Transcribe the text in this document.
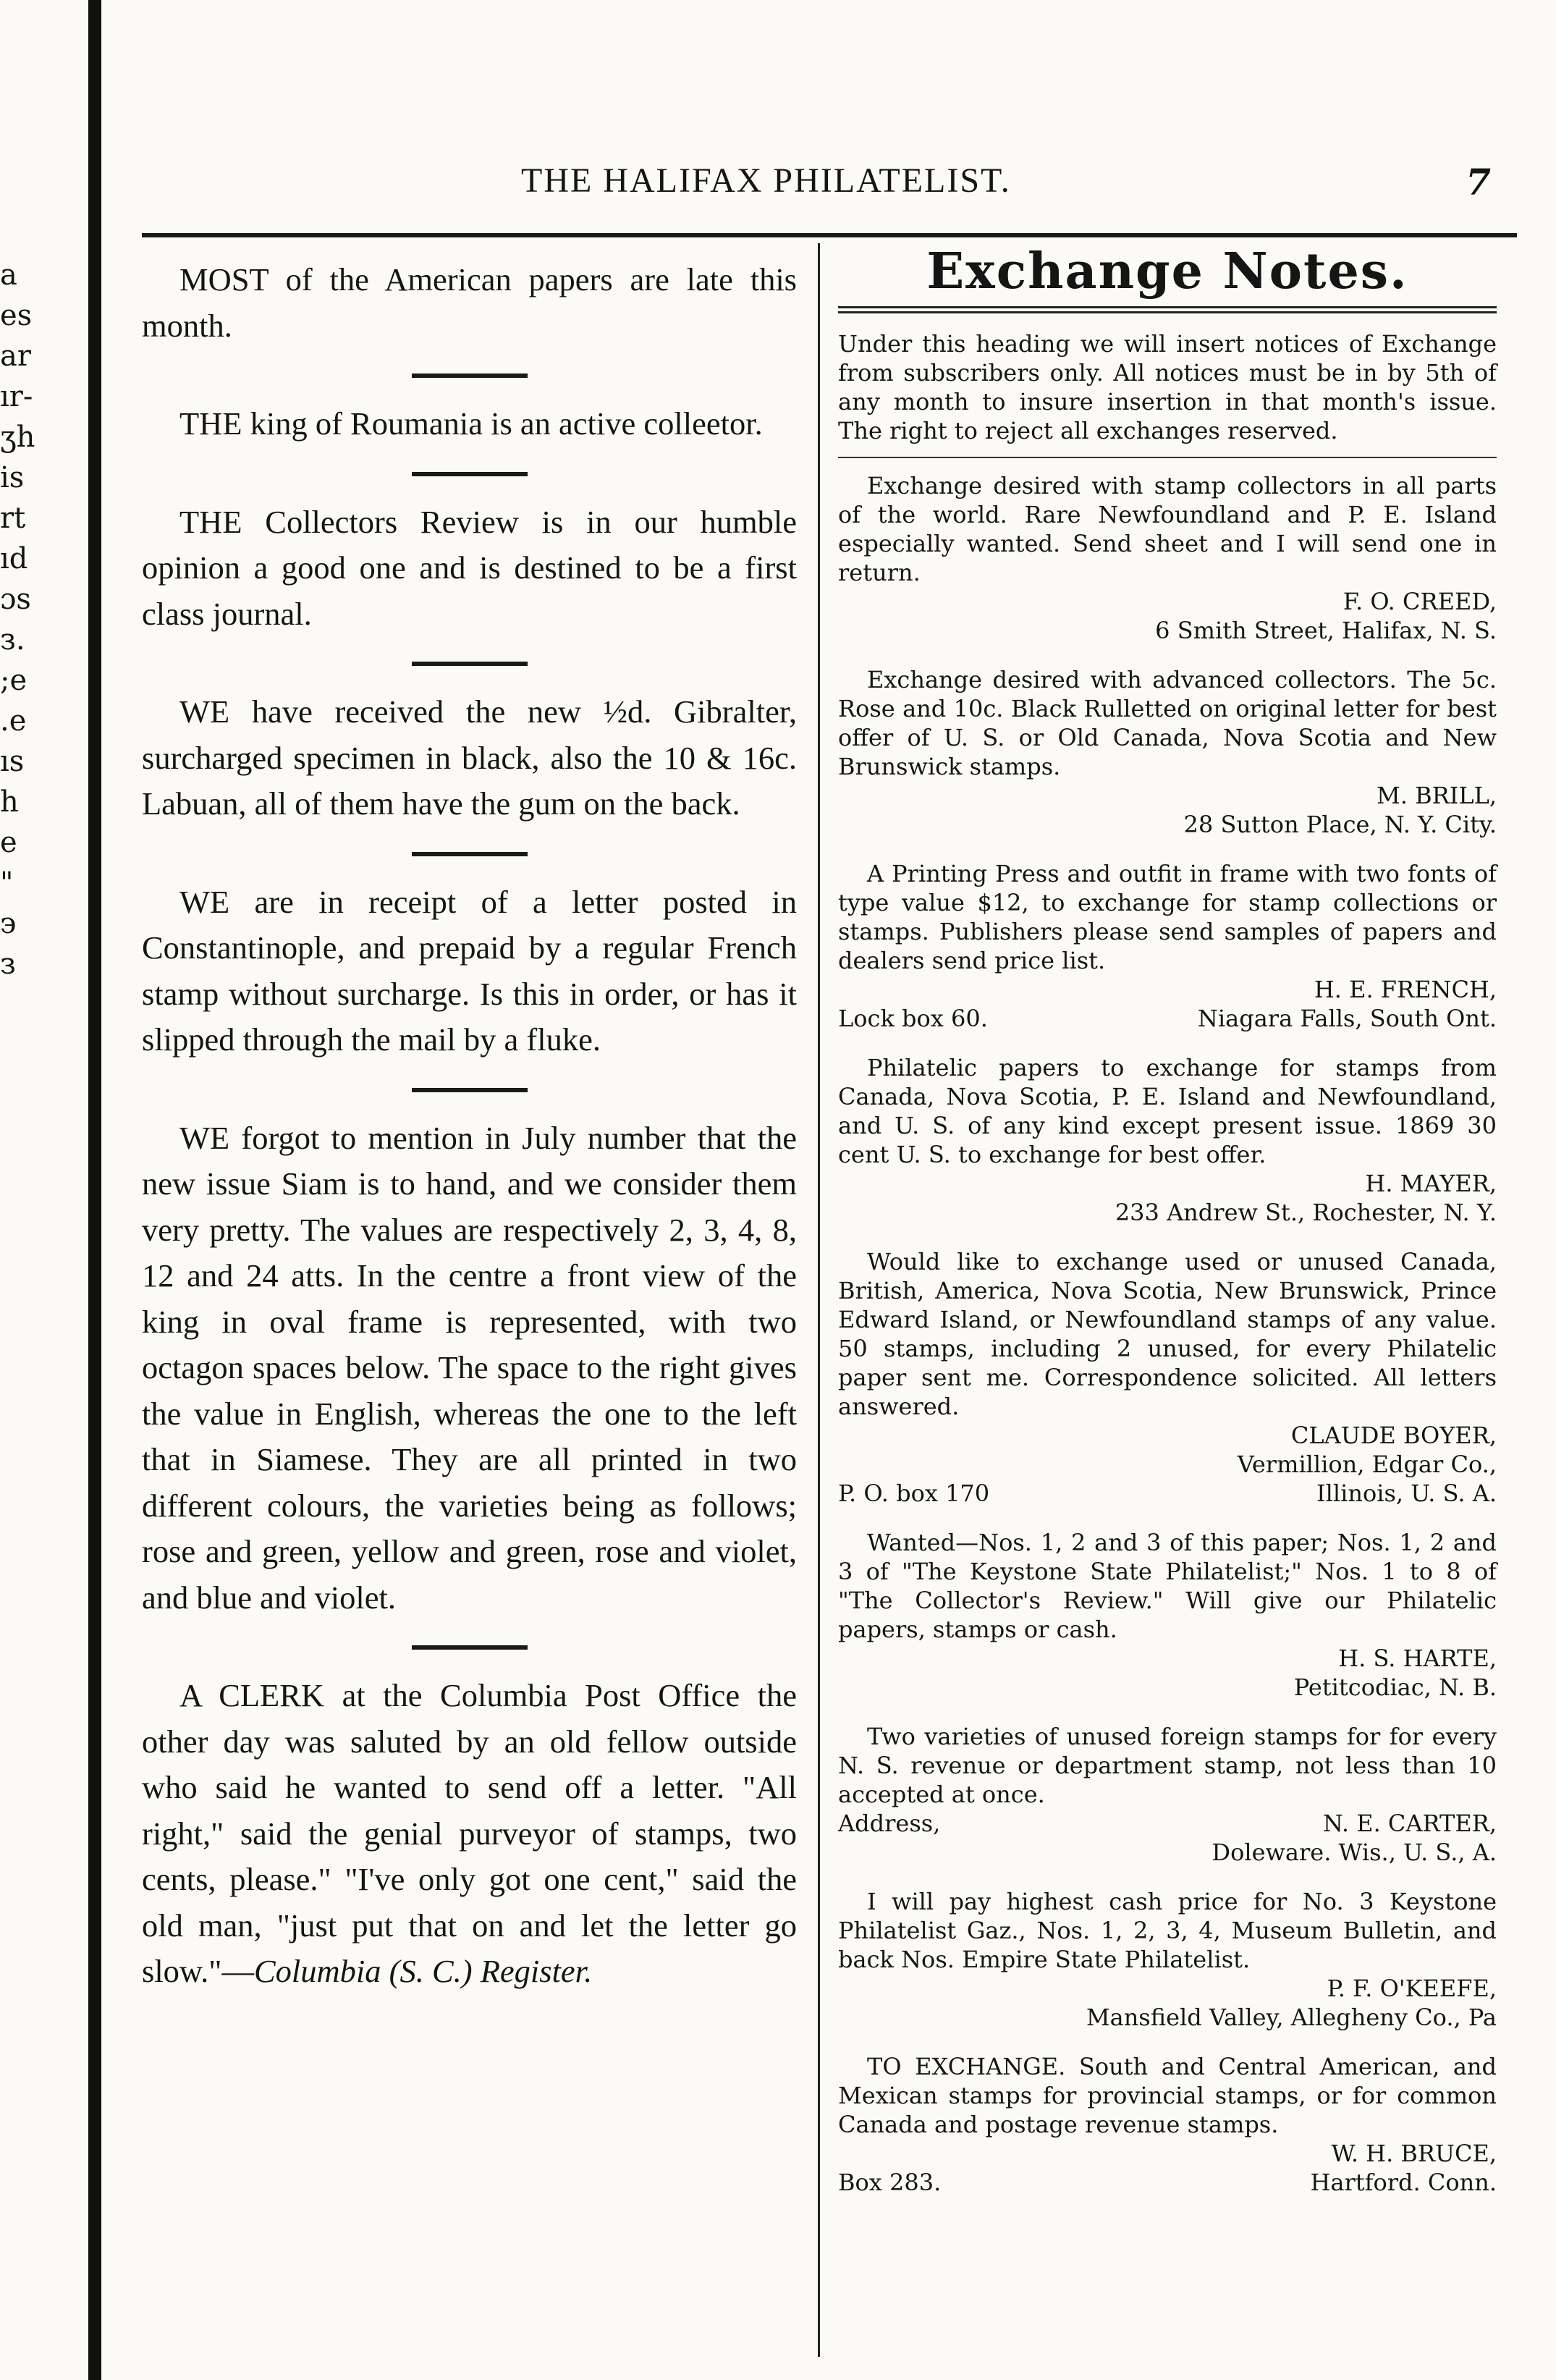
a
es
ar
ır-
ʒh
is
rt
ıd
ɔs
з.
;e
.e
ıs
h
e
"
э
з
THE HALIFAX PHILATELIST.	7

MOST of the American papers are late this month.

THE king of Roumania is an active colleetor.

THE Collectors Review is in our humble opinion a good one and is destined to be a first class journal.

WE have received the new ½d. Gibralter, surcharged specimen in black, also the 10 & 16c. Labuan, all of them have the gum on the back.

WE are in receipt of a letter posted in Constantinople, and prepaid by a regular French stamp without surcharge. Is this in order, or has it slipped through the mail by a fluke.

WE forgot to mention in July number that the new issue Siam is to hand, and we consider them very pretty. The values are respectively 2, 3, 4, 8, 12 and 24 atts. In the centre a front view of the king in oval frame is represented, with two octagon spaces below. The space to the right gives the value in English, whereas the one to the left that in Siamese. They are all printed in two different colours, the varieties being as follows; rose and green, yellow and green, rose and violet, and blue and violet.

A CLERK at the Columbia Post Office the other day was saluted by an old fellow outside who said he wanted to send off a letter. "All right," said the genial purveyor of stamps, two cents, please." "I've only got one cent," said the old man, "just put that on and let the letter go slow."—Columbia (S. C.) Register.

Exchange Notes.

Under this heading we will insert notices of Exchange from subscribers only. All notices must be in by 5th of any month to insure insertion in that month's issue. The right to reject all exchanges reserved.

Exchange desired with stamp collectors in all parts of the world. Rare Newfoundland and P. E. Island especially wanted. Send sheet and I will send one in return.

F. O. CREED,
6 Smith Street, Halifax, N. S.

Exchange desired with advanced collectors. The 5c. Rose and 10c. Black Rulletted on original letter for best offer of U. S. or Old Canada, Nova Scotia and New Brunswick stamps.

M. BRILL,
28 Sutton Place, N. Y. City.

A Printing Press and outfit in frame with two fonts of type value $12, to exchange for stamp collections or stamps. Publishers please send samples of papers and dealers send price list.

H. E. FRENCH,
Lock box 60.	Niagara Falls, South Ont.

Philatelic papers to exchange for stamps from Canada, Nova Scotia, P. E. Island and Newfoundland, and U. S. of any kind except present issue. 1869 30 cent U. S. to exchange for best offer.

H. MAYER,
233 Andrew St., Rochester, N. Y.

Would like to exchange used or unused Canada, British, America, Nova Scotia, New Brunswick, Prince Edward Island, or Newfoundland stamps of any value. 50 stamps, including 2 unused, for every Philatelic paper sent me. Correspondence solicited. All letters answered.

CLAUDE BOYER,
Vermillion, Edgar Co.,
P. O. box 170	Illinois, U. S. A.

Wanted—Nos. 1, 2 and 3 of this paper; Nos. 1, 2 and 3 of "The Keystone State Philatelist;" Nos. 1 to 8 of "The Collector's Review." Will give our Philatelic papers, stamps or cash.

H. S. HARTE,
Petitcodiac, N. B.

Two varieties of unused foreign stamps for for every N. S. revenue or department stamp, not less than 10 accepted at once.

Address,	N. E. CARTER,
Doleware. Wis., U. S., A.

I will pay highest cash price for No. 3 Keystone Philatelist Gaz., Nos. 1, 2, 3, 4, Museum Bulletin, and back Nos. Empire State Philatelist.

P. F. O'KEEFE,
Mansfield Valley, Allegheny Co., Pa

TO EXCHANGE. South and Central American, and Mexican stamps for provincial stamps, or for common Canada and postage revenue stamps.

W. H. BRUCE,
Box 283.	Hartford. Conn.
